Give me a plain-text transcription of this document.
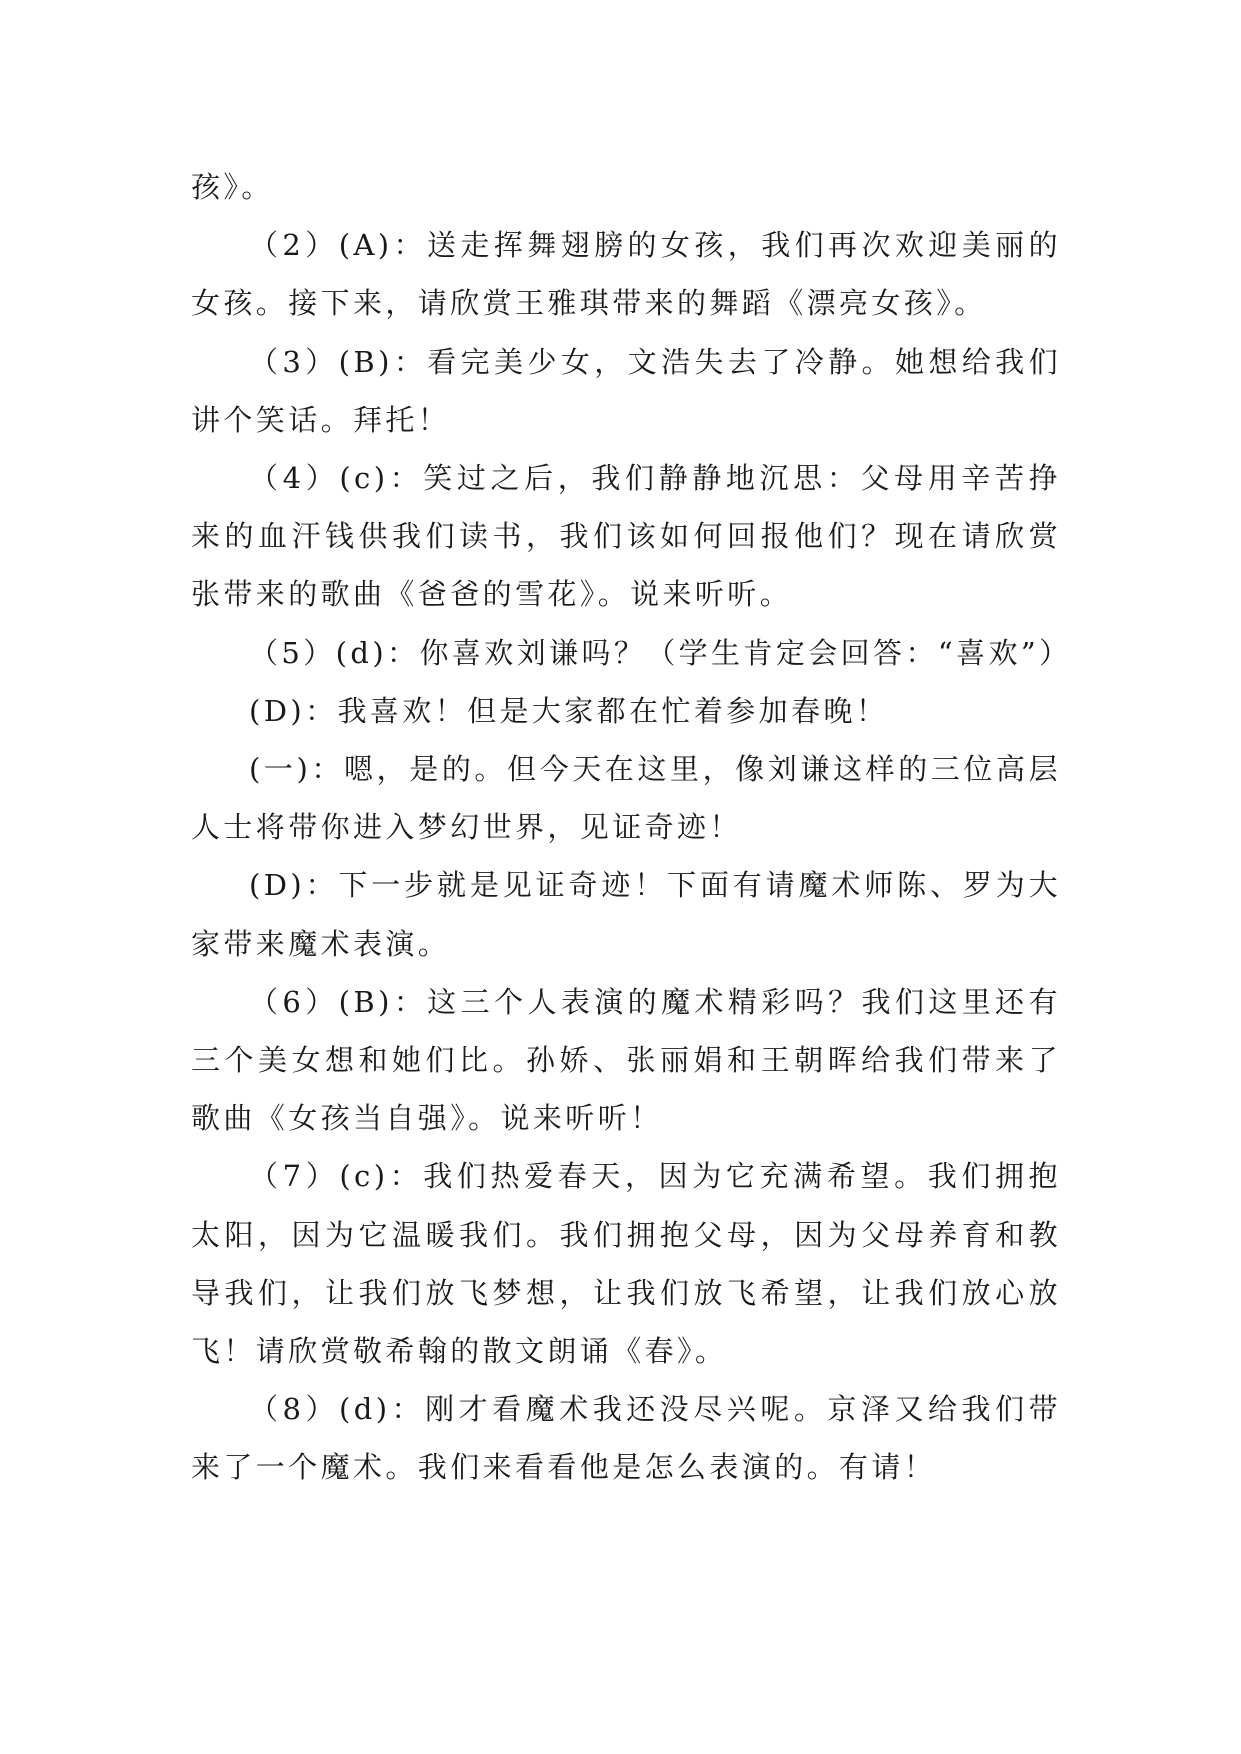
孩》。

（2）(A)：送走挥舞翅膀的女孩，我们再次欢迎美丽的女孩。接下来，请欣赏王雅琪带来的舞蹈《漂亮女孩》。

（3）(B)：看完美少女，文浩失去了冷静。她想给我们讲个笑话。拜托！

（4）(c)：笑过之后，我们静静地沉思：父母用辛苦挣来的血汗钱供我们读书，我们该如何回报他们？现在请欣赏张带来的歌曲《爸爸的雪花》。说来听听。

（5）(d)：你喜欢刘谦吗？（学生肯定会回答：“喜欢”）

(D)：我喜欢！但是大家都在忙着参加春晚！

(一)：嗯，是的。但今天在这里，像刘谦这样的三位高层人士将带你进入梦幻世界，见证奇迹！

(D)：下一步就是见证奇迹！下面有请魔术师陈、罗为大家带来魔术表演。

（6）(B)：这三个人表演的魔术精彩吗？我们这里还有三个美女想和她们比。孙娇、张丽娟和王朝晖给我们带来了歌曲《女孩当自强》。说来听听！

（7）(c)：我们热爱春天，因为它充满希望。我们拥抱太阳，因为它温暖我们。我们拥抱父母，因为父母养育和教导我们，让我们放飞梦想，让我们放飞希望，让我们放心放飞！请欣赏敬希翰的散文朗诵《春》。

（8）(d)：刚才看魔术我还没尽兴呢。京泽又给我们带来了一个魔术。我们来看看他是怎么表演的。有请！
